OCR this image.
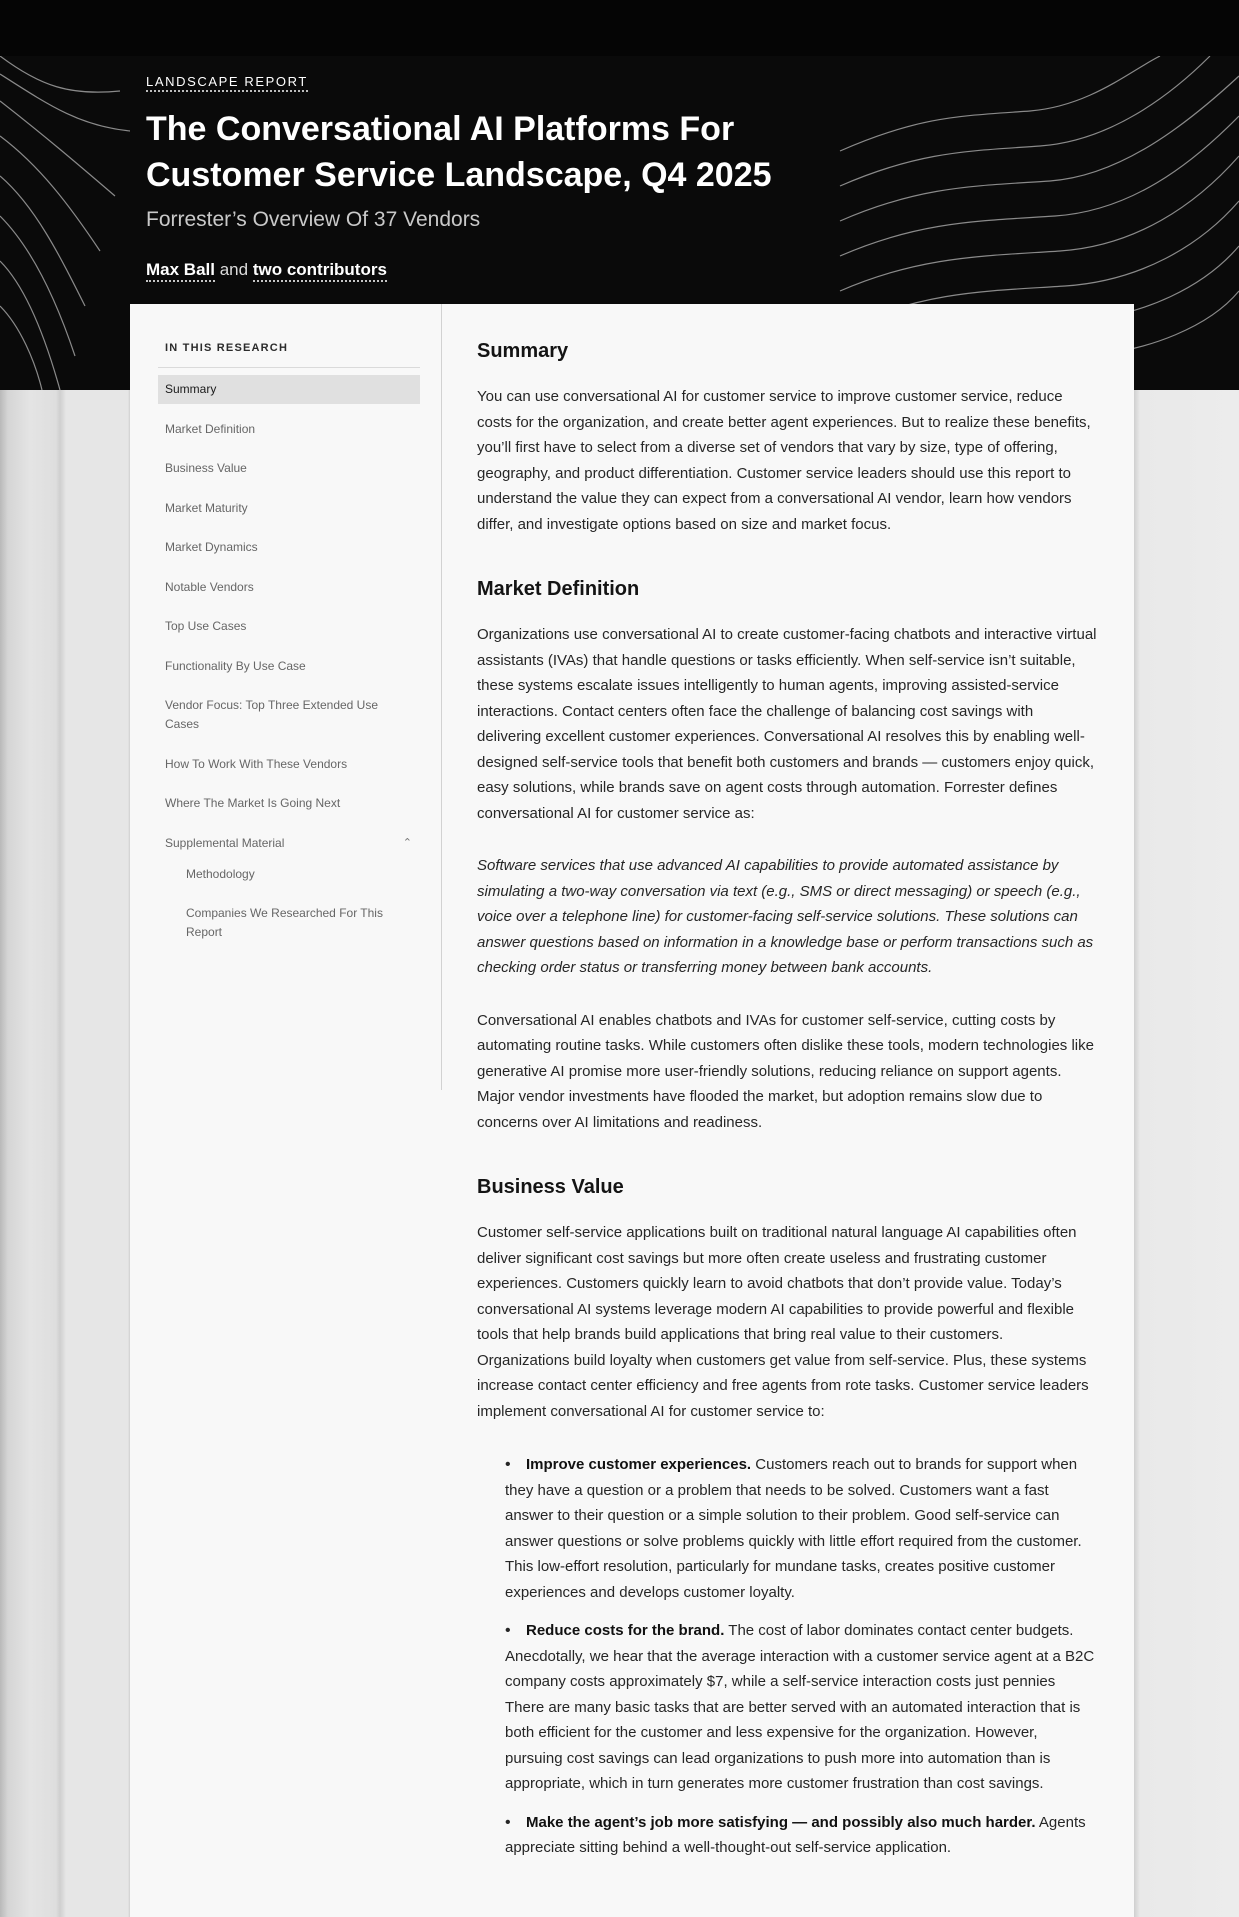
LANDSCAPE REPORT
The Conversational AI Platforms For
Customer Service Landscape, Q4 2025
Forrester’s Overview Of 37 Vendors
Max Ball and two contributors
IN THIS RESEARCH
Summary
Market Definition
Business Value
Market Maturity
Market Dynamics
Notable Vendors
Top Use Cases
Functionality By Use Case
Vendor Focus: Top Three Extended Use Cases
How To Work With These Vendors
Where The Market Is Going Next
Supplemental Material	⌃
Methodology
Companies We Researched For This Report
Summary

You can use conversational AI for customer service to improve customer service, reduce costs for the organization, and create better agent experiences. But to realize these benefits, you’ll first have to select from a diverse set of vendors that vary by size, type of offering, geography, and product differentiation. Customer service leaders should use this report to understand the value they can expect from a conversational AI vendor, learn how vendors differ, and investigate options based on size and market focus.

Market Definition

Organizations use conversational AI to create customer-facing chatbots and interactive virtual assistants (IVAs) that handle questions or tasks efficiently. When self-service isn’t suitable, these systems escalate issues intelligently to human agents, improving assisted-service interactions. Contact centers often face the challenge of balancing cost savings with delivering excellent customer experiences. Conversational AI resolves this by enabling well-designed self-service tools that benefit both customers and brands — customers enjoy quick, easy solutions, while brands save on agent costs through automation. Forrester defines conversational AI for customer service as:

Software services that use advanced AI capabilities to provide automated assistance by simulating a two-way conversation via text (e.g., SMS or direct messaging) or speech (e.g., voice over a telephone line) for customer-facing self-service solutions. These solutions can answer questions based on information in a knowledge base or perform transactions such as checking order status or transferring money between bank accounts.

Conversational AI enables chatbots and IVAs for customer self-service, cutting costs by automating routine tasks. While customers often dislike these tools, modern technologies like generative AI promise more user-friendly solutions, reducing reliance on support agents. Major vendor investments have flooded the market, but adoption remains slow due to concerns over AI limitations and readiness.

Business Value

Customer self-service applications built on traditional natural language AI capabilities often deliver significant cost savings but more often create useless and frustrating customer experiences. Customers quickly learn to avoid chatbots that don’t provide value. Today’s conversational AI systems leverage modern AI capabilities to provide powerful and flexible tools that help brands build applications that bring real value to their customers. Organizations build loyalty when customers get value from self-service. Plus, these systems increase contact center efficiency and free agents from rote tasks. Customer service leaders implement conversational AI for customer service to:

• Improve customer experiences. Customers reach out to brands for support when they have a question or a problem that needs to be solved. Customers want a fast answer to their question or a simple solution to their problem. Good self-service can answer questions or solve problems quickly with little effort required from the customer. This low-effort resolution, particularly for mundane tasks, creates positive customer experiences and develops customer loyalty.
• Reduce costs for the brand. The cost of labor dominates contact center budgets. Anecdotally, we hear that the average interaction with a customer service agent at a B2C company costs approximately $7, while a self-service interaction costs just pennies There are many basic tasks that are better served with an automated interaction that is both efficient for the customer and less expensive for the organization. However, pursuing cost savings can lead organizations to push more into automation than is appropriate, which in turn generates more customer frustration than cost savings.
• Make the agent’s job more satisfying — and possibly also much harder. Agents appreciate sitting behind a well-thought-out self-service application.
